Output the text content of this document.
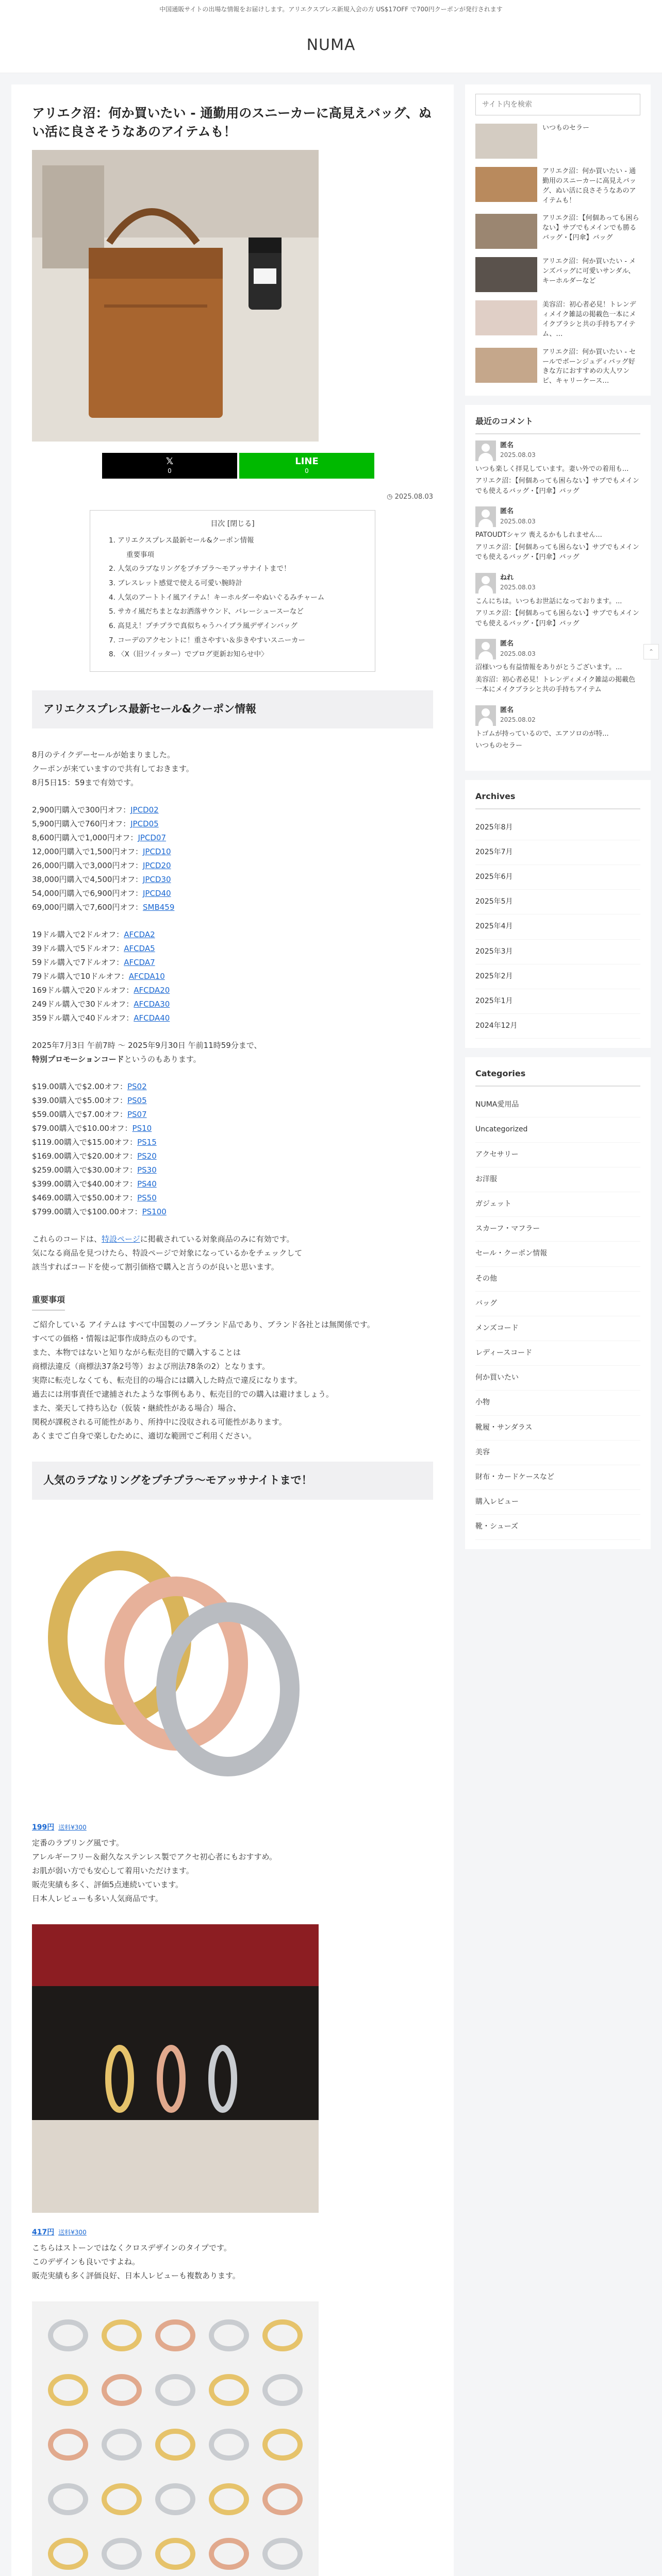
中国通販サイトの出場な情報をお届けします。アリエクスプレス新規入会の方 US$17OFF で700円クーポンが発行されます
NUMA
アリエク沼：何か買いたい - 通勤用のスニーカーに高見えバッグ、ぬい活に良さそうなあのアイテムも！
𝕏
0
LINE
0
◷ 2025.08.03
目次 [閉じる]
1. アリエクスプレス最新セール&クーポン情報
重要事項
2. 人気のラブなリングをプチプラ〜モアッサナイトまで！
3. ブレスレット感覚で使える可愛い腕時計
4. 人気のアートトイ風アイテム！キーホルダーやぬいぐるみチャーム
5. サカイ風だちまとなお洒落サウンド、バレーシュースーなど
6. 高見え！プチプラで真似ちゃうハイブラ風デザインバッグ
7. コーデのアクセントに！重さやすい＆歩きやすいスニーカー
8. 〈X（旧ツイッター）でブログ更新お知らせ中〉
アリエクスプレス最新セール&クーポン情報

8月のテイクデーセールが始まりました。

クーポンが来ていますので共有しておきます。

8月5日15：59まで有効です。

2,900円購入で300円オフ：JPCD02

5,900円購入で760円オフ：JPCD05

8,600円購入で1,000円オフ：JPCD07

12,000円購入で1,500円オフ：JPCD10

26,000円購入で3,000円オフ：JPCD20

38,000円購入で4,500円オフ：JPCD30

54,000円購入で6,900円オフ：JPCD40

69,000円購入で7,600円オフ：SMB459

19ドル購入で2ドルオフ：AFCDA2

39ドル購入で5ドルオフ：AFCDA5

59ドル購入で7ドルオフ：AFCDA7

79ドル購入で10ドルオフ：AFCDA10

169ドル購入で20ドルオフ：AFCDA20

249ドル購入で30ドルオフ：AFCDA30

359ドル購入で40ドルオフ：AFCDA40

2025年7月3日 午前7時 〜 2025年9月30日 午前11時59分まで、

特別プロモーションコードというのもあります。

$19.00購入で$2.00オフ：PS02

$39.00購入で$5.00オフ：PS05

$59.00購入で$7.00オフ：PS07

$79.00購入で$10.00オフ：PS10

$119.00購入で$15.00オフ：PS15

$169.00購入で$20.00オフ：PS20

$259.00購入で$30.00オフ：PS30

$399.00購入で$40.00オフ：PS40

$469.00購入で$50.00オフ：PS50

$799.00購入で$100.00オフ：PS100

これらのコードは、特設ページに掲載されている対象商品のみに有効です。

気になる商品を見つけたら、特設ページで対象になっているかをチェックして

該当すればコードを使って割引価格で購入と言うのが良いと思います。

重要事項

ご紹介している アイテムは すべて中国製のノーブランド品であり、ブランド各社とは無関係です。

すべての価格・情報は記事作成時点のものです。

また、本物ではないと知りながら転売目的で購入することは

商標法違反（商標法37条2号等）および刑法78条の2）となります。

実際に転売しなくても、転売目的の場合には購入した時点で違反になります。

過去には刑事責任で逮捕されたような事例もあり、転売目的での購入は避けましょう。

また、楽天して持ち込む（仮装・継続性がある場合）場合、

関税が課税される可能性があり、所持中に没収される可能性があります。

あくまでご自身で楽しむために、適切な範囲でご利用ください。

人気のラブなリングをプチプラ〜モアッサナイトまで！
199円 送料¥300

定番のラブリング風です。

アレルギーフリー＆耐久なステンレス製でアクセ初心者にもおすすめ。

お肌が弱い方でも安心して着用いただけます。

販売実績も多く、評価5点連続いています。

日本人レビューも多い人気商品です。

417円 送料¥300

こちらはストーンではなくクロスデザインのタイプです。

このデザインも良いですよね。

販売実績も多く評価良好、日本人レビューも複数あります。

サイト内を検索
いつものセラー
アリエク沼：何か買いたい - 通勤用のスニーカーに高見えバッグ、ぬい活に良さそうなあのアイテムも！
アリエク沼：【何個あっても困らない】サブでもメインでも勝るバッグ・【円傘】バッグ
アリエク沼：何か買いたい - メンズバッグに可愛いサンダル、キーホルダーなど
美容沼：初心者必見！トレンディメイク雑誌の掲載色一本にメイクブラシと共の手持ちアイテム、…
アリエク沼：何か買いたい - セールでボーンジュディバッグ好きな方におすすめの大人ワンピ、キャリーケース…
最近のコメント
匿名
2025.08.03
いつも楽しく拝見しています。妻い外での着用も...
アリエク沼：【何個あっても困らない】サブでもメインでも使えるバッグ・【円傘】バッグ
匿名
2025.08.03
PATOUDTシャツ 喪えるかもしれません...
アリエク沼：【何個あっても困らない】サブでもメインでも使えるバッグ・【円傘】バッグ
ねれ
2025.08.03
こんにちは。いつもお世話になっております。...
アリエク沼：【何個あっても困らない】サブでもメインでも使えるバッグ・【円傘】バッグ
匿名
2025.08.03
沼様いつも有益情報をありがとうございます。...
美容沼：初心者必見！トレンディメイク雑誌の掲載色一本にメイクブラシと共の手持ちアイテム
匿名
2025.08.02
トゴムが持っているので、エアソロのが特...
いつものセラー
Archives
2025年8月
2025年7月
2025年6月
2025年5月
2025年4月
2025年3月
2025年2月
2025年1月
2024年12月
Categories
NUMA愛用品
Uncategorized
アクセサリー
お洋服
ガジェット
スカーフ・マフラー
セール・クーポン情報
その他
バッグ
メンズコード
レディースコード
何か買いたい
小物
靴履・サンダラス
美容
財布・カードケースなど
購入レビュー
靴・シューズ
⌃
